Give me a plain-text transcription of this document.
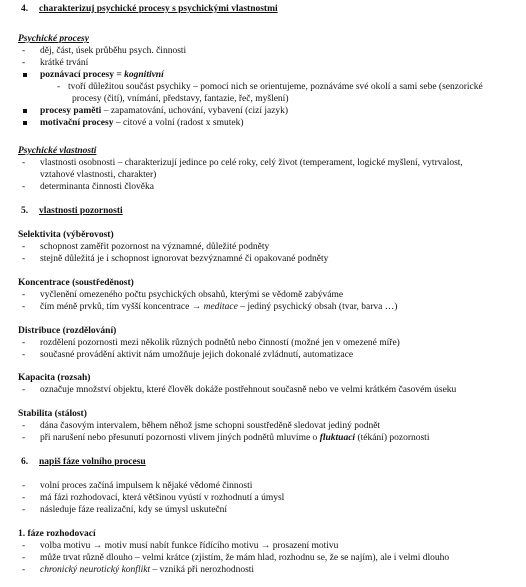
4. charakterizuj psychické procesy s psychickými vlastnostmi
Psychické procesy
- děj, část, úsek průběhu psych. činnosti
- krátké trvání
poznávací procesy = kognitivní
- tvoří důležitou součást psychiky – pomocí nich se orientujeme, poznáváme své okolí a sami sebe (senzorické
procesy (čití), vnímání, představy, fantazie, řeč, myšlení)
procesy paměti – zapamatování, uchování, vybavení (cizí jazyk)
motivační procesy – citové a volní (radost x smutek)
Psychické vlastnosti
- vlastnosti osobnosti – charakterizují jedince po celé roky, celý život (temperament, logické myšlení, vytrvalost,
vztahové vlastnosti, charakter)
- determinanta činnosti člověka
5. vlastnosti pozornosti
Selektivita (výběrovost)
- schopnost zaměřit pozornost na významné, důležité podněty
- stejně důležitá je i schopnost ignorovat bezvýznamné či opakované podněty
Koncentrace (soustředěnost)
- vyčlenění omezeného počtu psychických obsahů, kterými se vědomě zabýváme
- čím méně prvků, tím vyšší koncentrace → meditace – jediný psychický obsah (tvar, barva …)
Distribuce (rozdělování)
- rozdělení pozornosti mezi několik různých podnětů nebo činností (možné jen v omezené míře)
- současné provádění aktivit nám umožňuje jejich dokonalé zvládnutí, automatizace
Kapacita (rozsah)
- označuje množství objektu, které člověk dokáže postřehnout současně nebo ve velmi krátkém časovém úseku
Stabilita (stálost)
- dána časovým intervalem, během něhož jsme schopni soustředěně sledovat jediný podnět
- při narušení nebo přesunutí pozornosti vlivem jiných podnětů mluvíme o fluktuaci (tékání) pozornosti
6. napiš fáze volního procesu
- volní proces začíná impulsem k nějaké vědomé činnosti
- má fázi rozhodovací, která většinou vyústí v rozhodnutí a úmysl
- následuje fáze realizační, kdy se úmysl uskuteční
1. fáze rozhodovací
- volba motivu → motiv musí nabít funkce řídícího motivu → prosazení motivu
- může trvat různě dlouho – velmi krátce (zjistím, že mám hlad, rozhodnu se, že se najím), ale i velmi dlouho
- chronický neurotický konflikt – vzniká při nerozhodnosti
